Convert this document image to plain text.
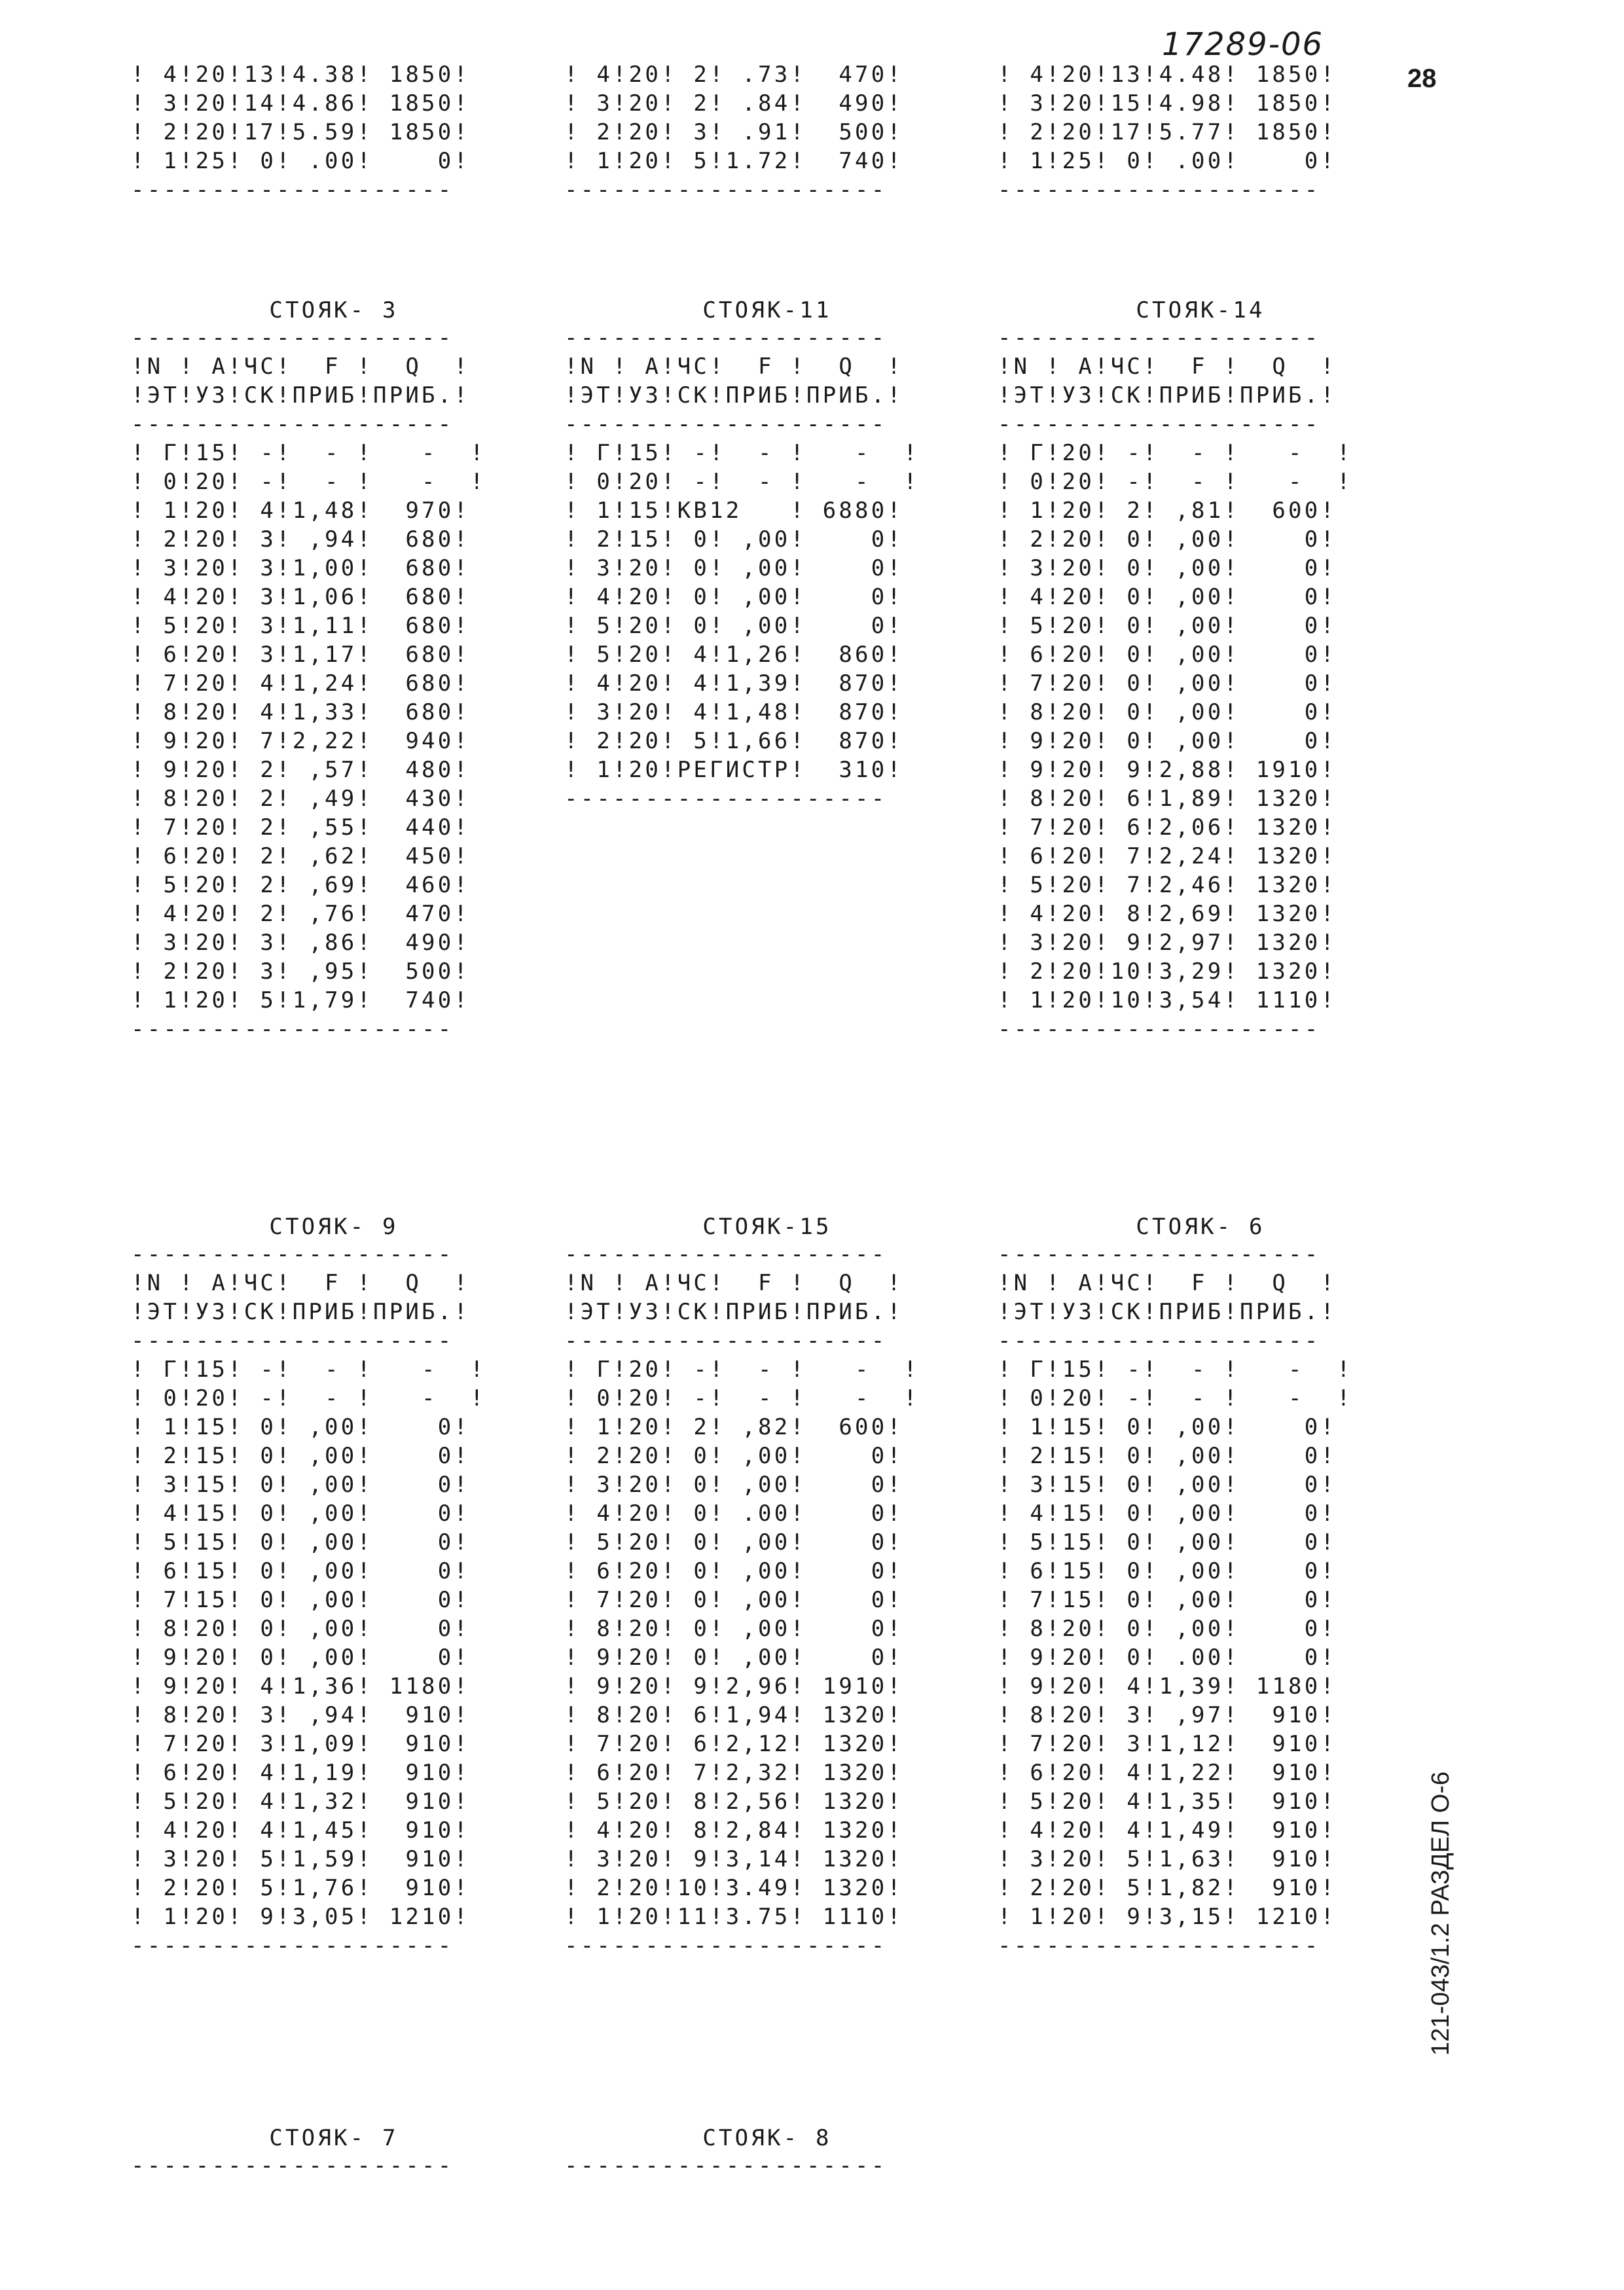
17289-06
28
121-043/1.2 РАЗДЕЛ О-6
! 4!20!13!4.38! 1850!
! 3!20!14!4.86! 1850!
! 2!20!17!5.59! 1850!
! 1!25! 0! .00!    0!
--------------------
! 4!20! 2! .73!  470!
! 3!20! 2! .84!  490!
! 2!20! 3! .91!  500!
! 1!20! 5!1.72!  740!
--------------------
! 4!20!13!4.48! 1850!
! 3!20!15!4.98! 1850!
! 2!20!17!5.77! 1850!
! 1!25! 0! .00!    0!
--------------------
СТОЯК- 3
--------------------
!N ! А!ЧС!  F !  Q  !
!ЭТ!УЗ!СК!ПРИБ!ПРИБ.!
--------------------
! Г!15! -!  - !   -  !
! 0!20! -!  - !   -  !
! 1!20! 4!1,48!  970!
! 2!20! 3! ,94!  680!
! 3!20! 3!1,00!  680!
! 4!20! 3!1,06!  680!
! 5!20! 3!1,11!  680!
! 6!20! 3!1,17!  680!
! 7!20! 4!1,24!  680!
! 8!20! 4!1,33!  680!
! 9!20! 7!2,22!  940!
! 9!20! 2! ,57!  480!
! 8!20! 2! ,49!  430!
! 7!20! 2! ,55!  440!
! 6!20! 2! ,62!  450!
! 5!20! 2! ,69!  460!
! 4!20! 2! ,76!  470!
! 3!20! 3! ,86!  490!
! 2!20! 3! ,95!  500!
! 1!20! 5!1,79!  740!
--------------------
СТОЯК-11
--------------------
!N ! А!ЧС!  F !  Q  !
!ЭТ!УЗ!СК!ПРИБ!ПРИБ.!
--------------------
! Г!15! -!  - !   -  !
! 0!20! -!  - !   -  !
! 1!15!КВ12   ! 6880!
! 2!15! 0! ,00!    0!
! 3!20! 0! ,00!    0!
! 4!20! 0! ,00!    0!
! 5!20! 0! ,00!    0!
! 5!20! 4!1,26!  860!
! 4!20! 4!1,39!  870!
! 3!20! 4!1,48!  870!
! 2!20! 5!1,66!  870!
! 1!20!РЕГИСТР!  310!
--------------------
СТОЯК-14
--------------------
!N ! А!ЧС!  F !  Q  !
!ЭТ!УЗ!СК!ПРИБ!ПРИБ.!
--------------------
! Г!20! -!  - !   -  !
! 0!20! -!  - !   -  !
! 1!20! 2! ,81!  600!
! 2!20! 0! ,00!    0!
! 3!20! 0! ,00!    0!
! 4!20! 0! ,00!    0!
! 5!20! 0! ,00!    0!
! 6!20! 0! ,00!    0!
! 7!20! 0! ,00!    0!
! 8!20! 0! ,00!    0!
! 9!20! 0! ,00!    0!
! 9!20! 9!2,88! 1910!
! 8!20! 6!1,89! 1320!
! 7!20! 6!2,06! 1320!
! 6!20! 7!2,24! 1320!
! 5!20! 7!2,46! 1320!
! 4!20! 8!2,69! 1320!
! 3!20! 9!2,97! 1320!
! 2!20!10!3,29! 1320!
! 1!20!10!3,54! 1110!
--------------------
СТОЯК- 9
--------------------
!N ! А!ЧС!  F !  Q  !
!ЭТ!УЗ!СК!ПРИБ!ПРИБ.!
--------------------
! Г!15! -!  - !   -  !
! 0!20! -!  - !   -  !
! 1!15! 0! ,00!    0!
! 2!15! 0! ,00!    0!
! 3!15! 0! ,00!    0!
! 4!15! 0! ,00!    0!
! 5!15! 0! ,00!    0!
! 6!15! 0! ,00!    0!
! 7!15! 0! ,00!    0!
! 8!20! 0! ,00!    0!
! 9!20! 0! ,00!    0!
! 9!20! 4!1,36! 1180!
! 8!20! 3! ,94!  910!
! 7!20! 3!1,09!  910!
! 6!20! 4!1,19!  910!
! 5!20! 4!1,32!  910!
! 4!20! 4!1,45!  910!
! 3!20! 5!1,59!  910!
! 2!20! 5!1,76!  910!
! 1!20! 9!3,05! 1210!
--------------------
СТОЯК-15
--------------------
!N ! А!ЧС!  F !  Q  !
!ЭТ!УЗ!СК!ПРИБ!ПРИБ.!
--------------------
! Г!20! -!  - !   -  !
! 0!20! -!  - !   -  !
! 1!20! 2! ,82!  600!
! 2!20! 0! ,00!    0!
! 3!20! 0! ,00!    0!
! 4!20! 0! .00!    0!
! 5!20! 0! ,00!    0!
! 6!20! 0! ,00!    0!
! 7!20! 0! ,00!    0!
! 8!20! 0! ,00!    0!
! 9!20! 0! ,00!    0!
! 9!20! 9!2,96! 1910!
! 8!20! 6!1,94! 1320!
! 7!20! 6!2,12! 1320!
! 6!20! 7!2,32! 1320!
! 5!20! 8!2,56! 1320!
! 4!20! 8!2,84! 1320!
! 3!20! 9!3,14! 1320!
! 2!20!10!3.49! 1320!
! 1!20!11!3.75! 1110!
--------------------
СТОЯК- 6
--------------------
!N ! А!ЧС!  F !  Q  !
!ЭТ!УЗ!СК!ПРИБ!ПРИБ.!
--------------------
! Г!15! -!  - !   -  !
! 0!20! -!  - !   -  !
! 1!15! 0! ,00!    0!
! 2!15! 0! ,00!    0!
! 3!15! 0! ,00!    0!
! 4!15! 0! ,00!    0!
! 5!15! 0! ,00!    0!
! 6!15! 0! ,00!    0!
! 7!15! 0! ,00!    0!
! 8!20! 0! ,00!    0!
! 9!20! 0! .00!    0!
! 9!20! 4!1,39! 1180!
! 8!20! 3! ,97!  910!
! 7!20! 3!1,12!  910!
! 6!20! 4!1,22!  910!
! 5!20! 4!1,35!  910!
! 4!20! 4!1,49!  910!
! 3!20! 5!1,63!  910!
! 2!20! 5!1,82!  910!
! 1!20! 9!3,15! 1210!
--------------------
СТОЯК- 7
--------------------
СТОЯК- 8
--------------------
